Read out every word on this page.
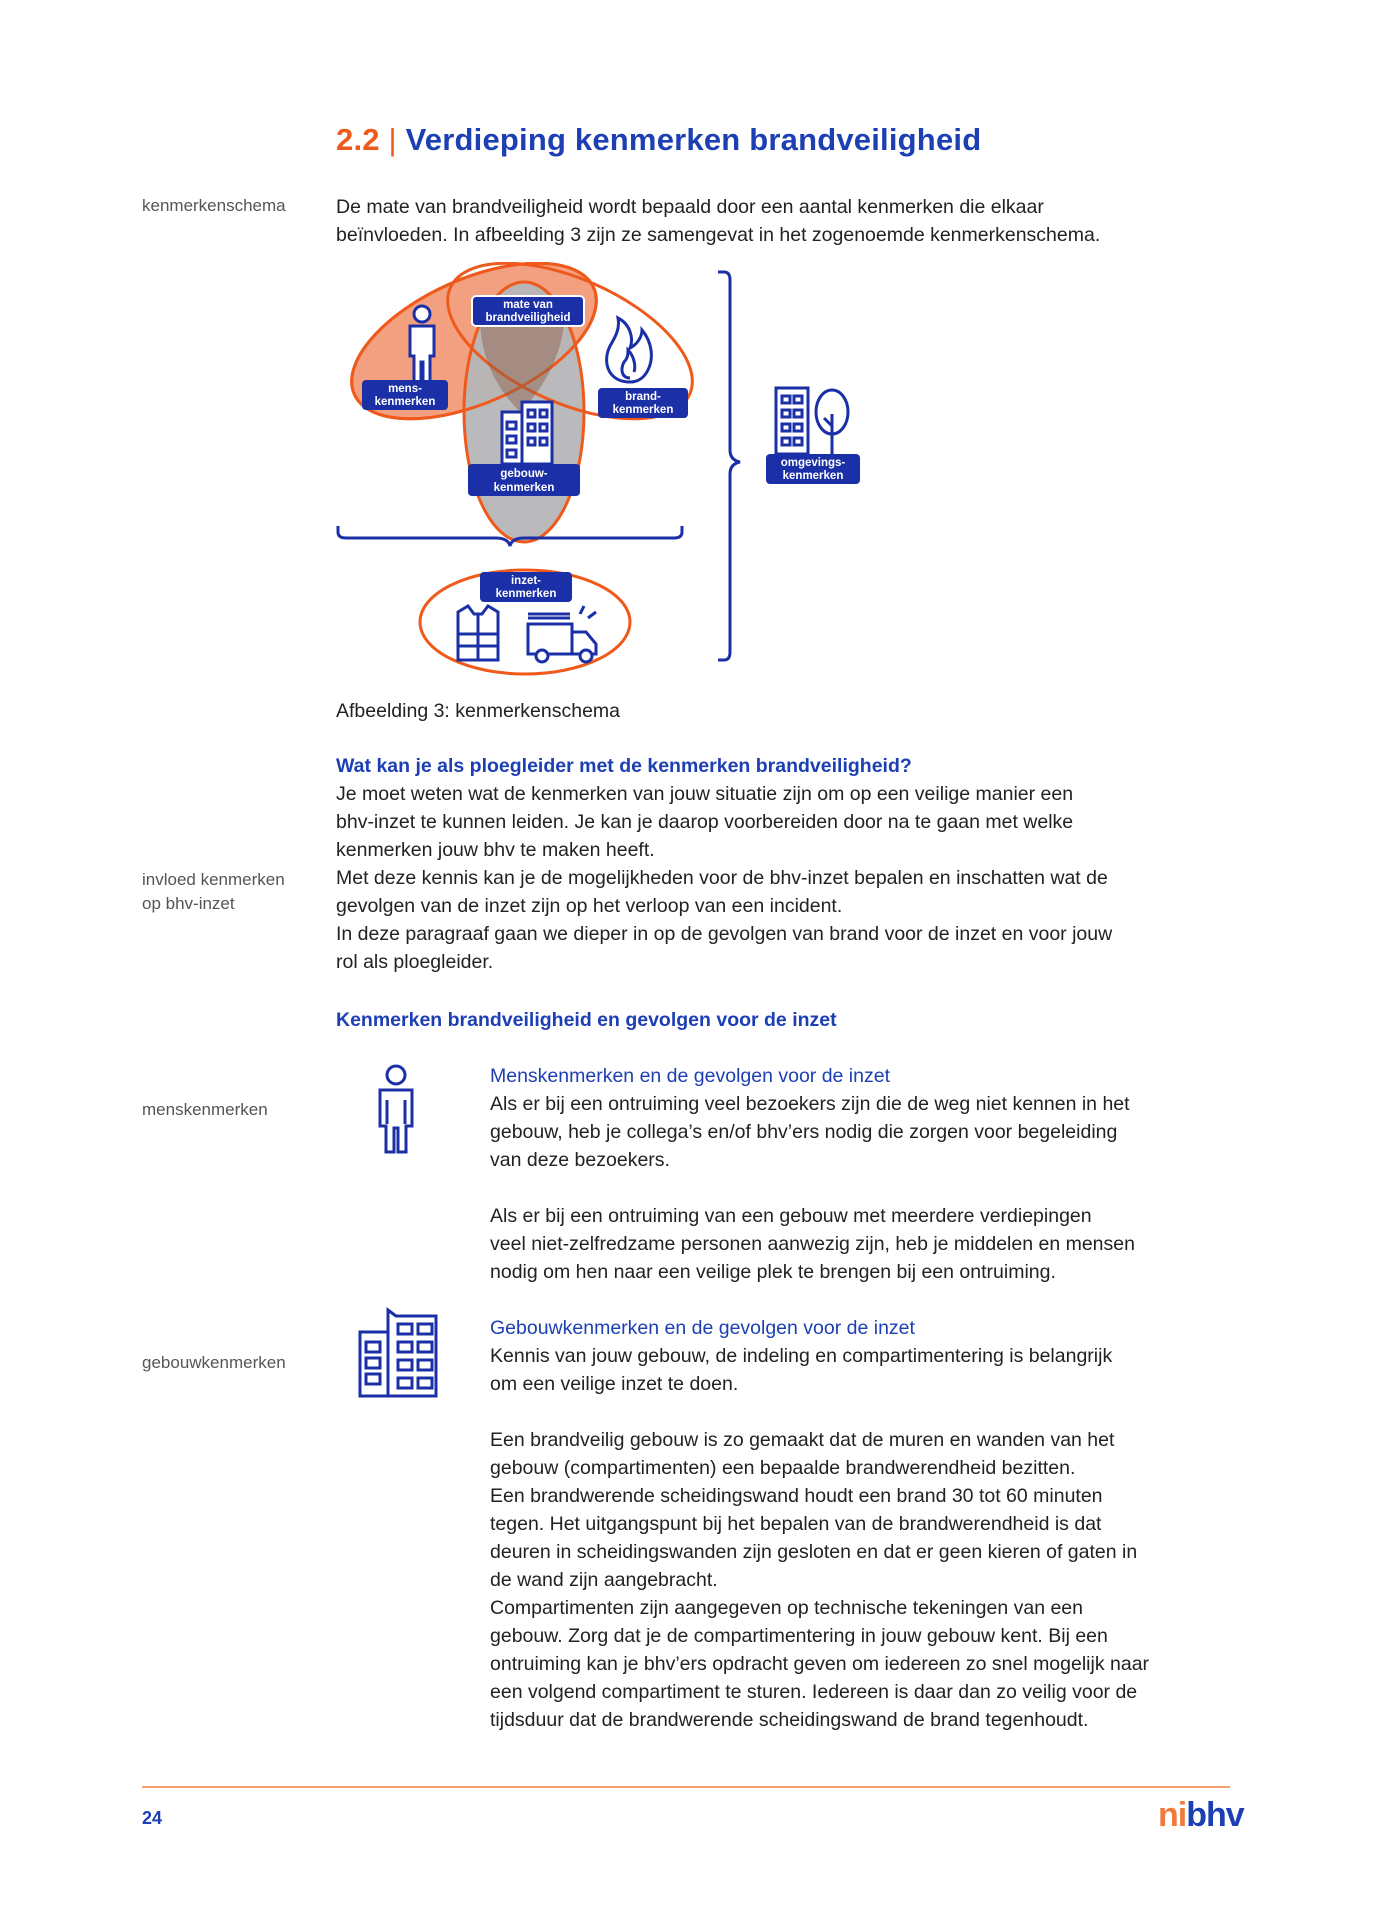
2.2 | Verdieping kenmerken brandveiligheid
kenmerkenschema
invloed kenmerken
op bhv-inzet
menskenmerken
gebouwkenmerken

De mate van brandveiligheid wordt bepaald door een aantal kenmerken die elkaar

beïnvloeden. In afbeelding 3 zijn ze samengevat in het zogenoemde kenmerkenschema.

mate van
brandveiligheid
mens-
kenmerken	brand-
kenmerken
gebouw-
kenmerken
inzet-
kenmerken
omgevings-
kenmerken
Afbeelding 3: kenmerkenschema

Wat kan je als ploegleider met de kenmerken brandveiligheid?

Je moet weten wat de kenmerken van jouw situatie zijn om op een veilige manier een

bhv-inzet te kunnen leiden. Je kan je daarop voorbereiden door na te gaan met welke

kenmerken jouw bhv te maken heeft.

Met deze kennis kan je de mogelijkheden voor de bhv-inzet bepalen en inschatten wat de

gevolgen van de inzet zijn op het verloop van een incident.

In deze paragraaf gaan we dieper in op de gevolgen van brand voor de inzet en voor jouw

rol als ploegleider.

Kenmerken brandveiligheid en gevolgen voor de inzet

Menskenmerken en de gevolgen voor de inzet

Als er bij een ontruiming veel bezoekers zijn die de weg niet kennen in het

gebouw, heb je collega’s en/of bhv’ers nodig die zorgen voor begeleiding

van deze bezoekers.

Als er bij een ontruiming van een gebouw met meerdere verdiepingen

veel niet-zelfredzame personen aanwezig zijn, heb je middelen en mensen

nodig om hen naar een veilige plek te brengen bij een ontruiming.

Gebouwkenmerken en de gevolgen voor de inzet

Kennis van jouw gebouw, de indeling en compartimentering is belangrijk

om een veilige inzet te doen.

Een brandveilig gebouw is zo gemaakt dat de muren en wanden van het

gebouw (compartimenten) een bepaalde brandwerendheid bezitten.

Een brandwerende scheidingswand houdt een brand 30 tot 60 minuten

tegen. Het uitgangspunt bij het bepalen van de brandwerendheid is dat

deuren in scheidingswanden zijn gesloten en dat er geen kieren of gaten in

de wand zijn aangebracht.

Compartimenten zijn aangegeven op technische tekeningen van een

gebouw. Zorg dat je de compartimentering in jouw gebouw kent. Bij een

ontruiming kan je bhv’ers opdracht geven om iedereen zo snel mogelijk naar

een volgend compartiment te sturen. Iedereen is daar dan zo veilig voor de

tijdsduur dat de brandwerende scheidingswand de brand tegenhoudt.

24	nibhv
